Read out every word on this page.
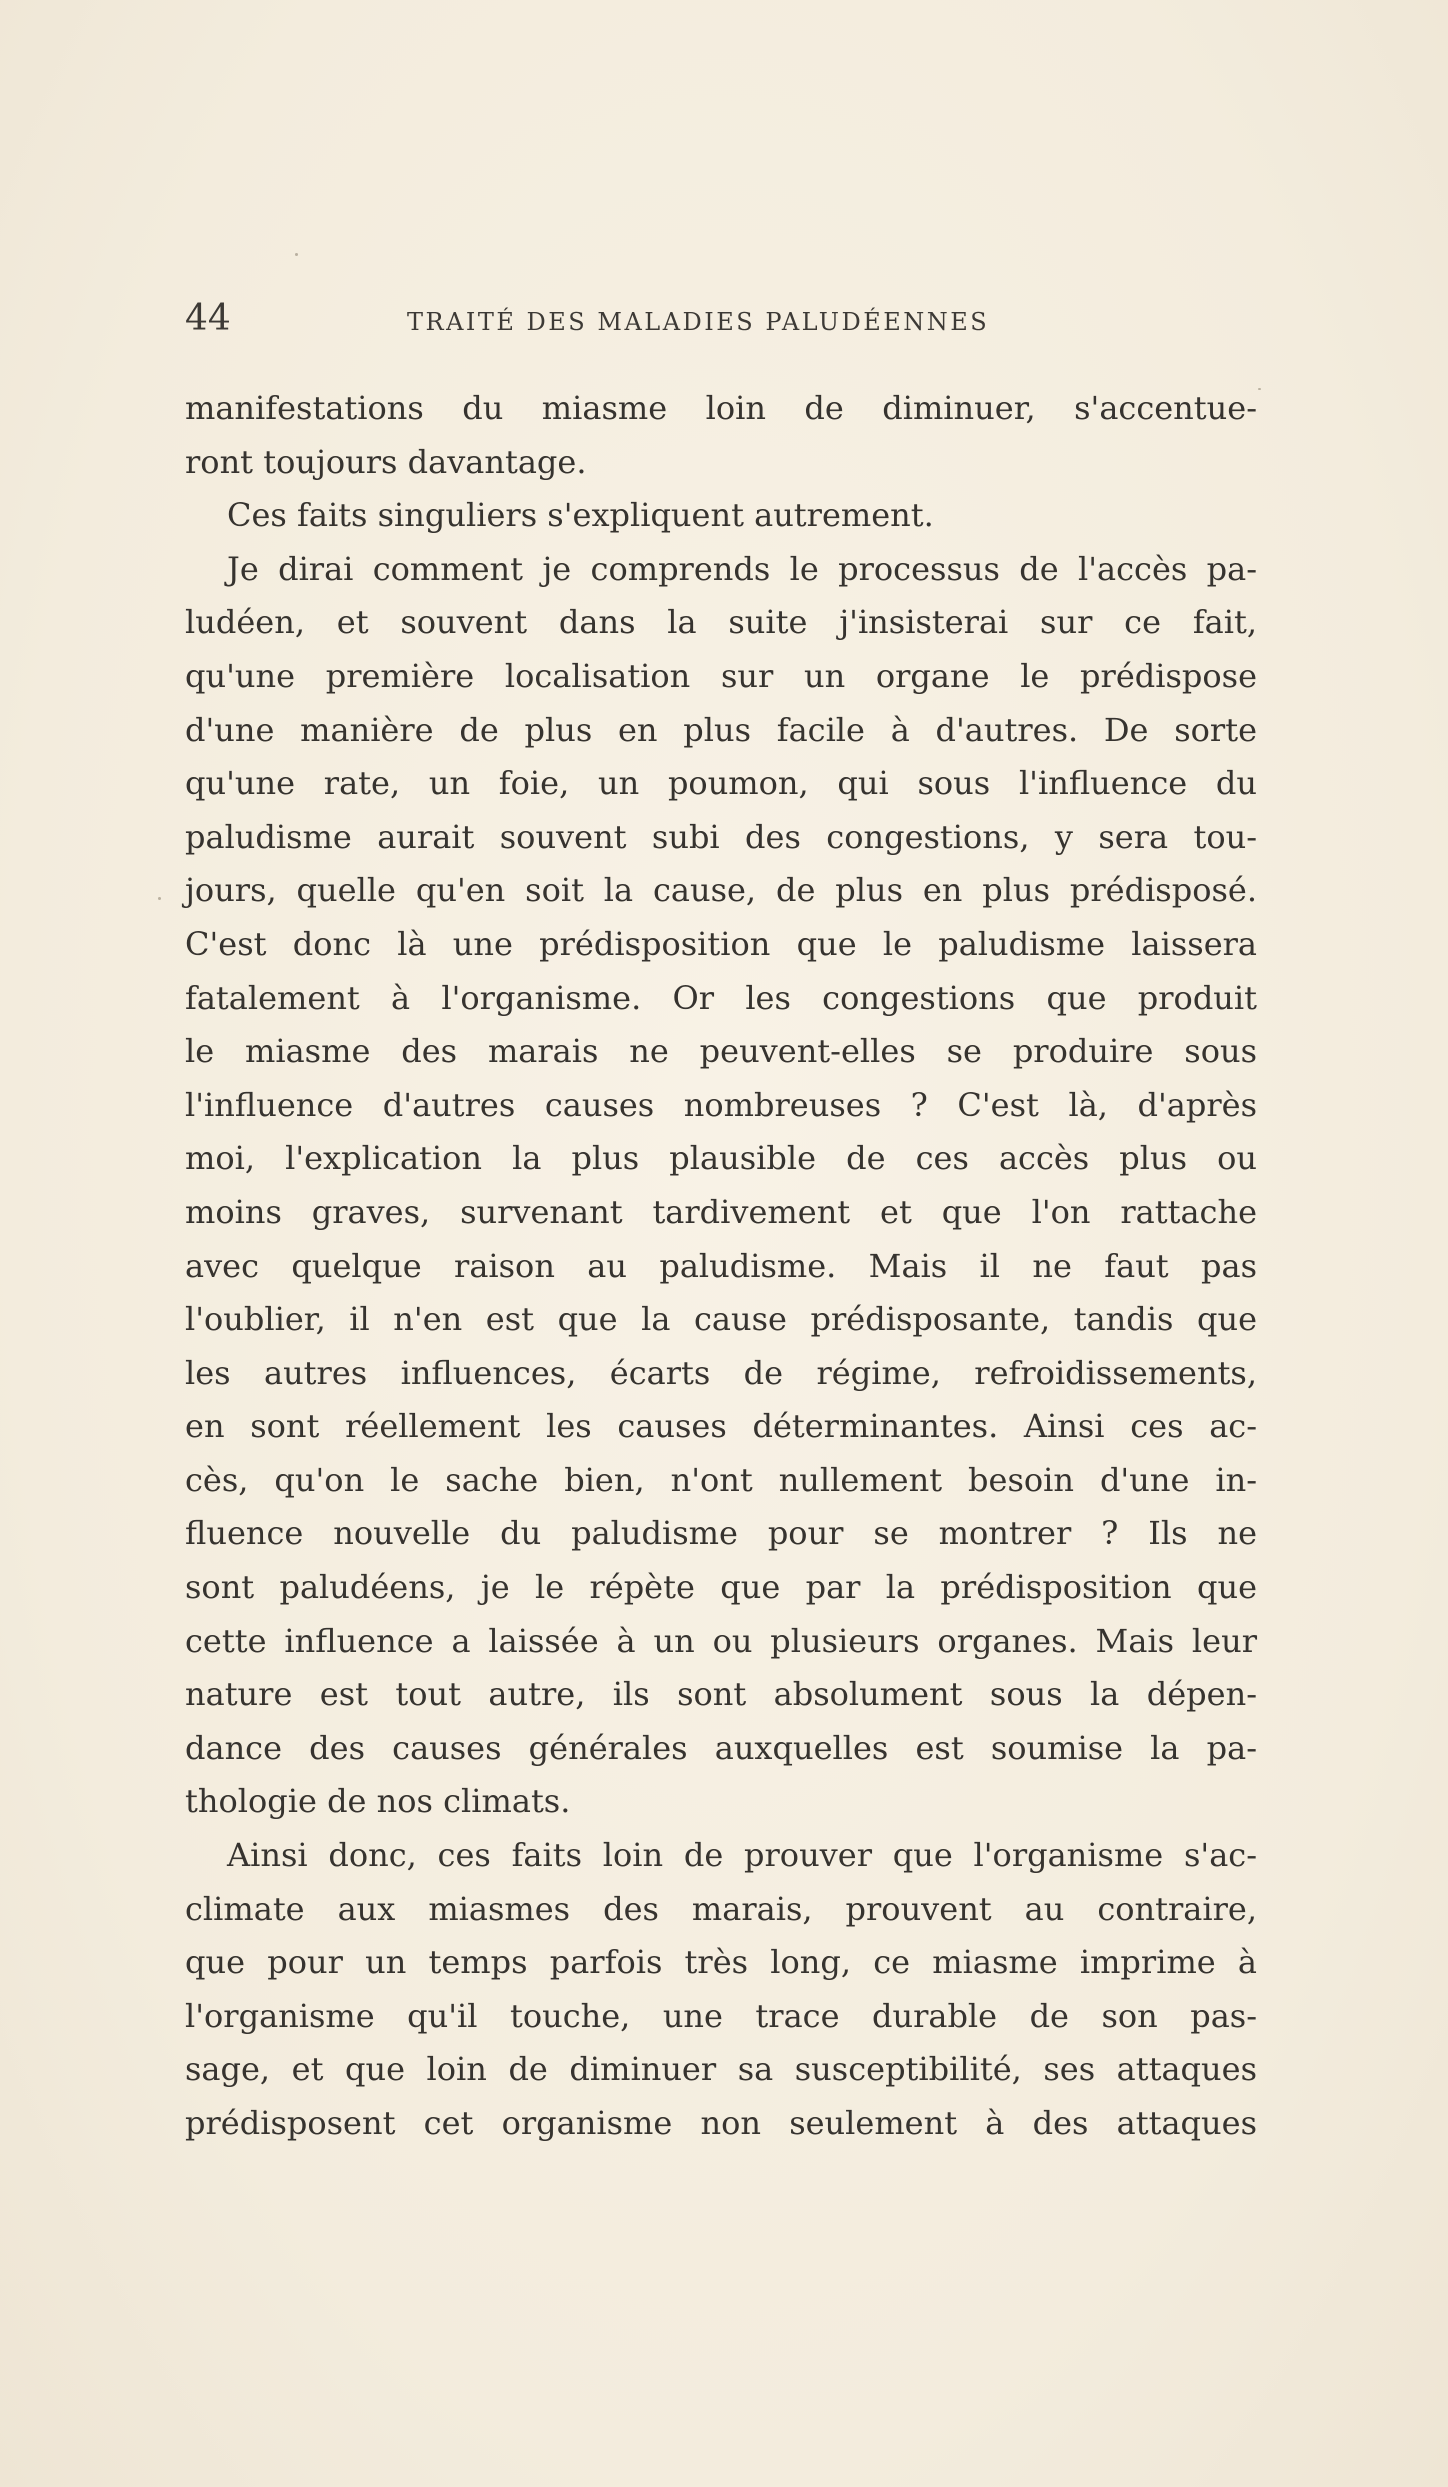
44	TRAITÉ DES MALADIES PALUDÉENNES
manifestations du miasme loin de diminuer, s'accentue-
ront toujours davantage.
Ces faits singuliers s'expliquent autrement.
Je dirai comment je comprends le processus de l'accès pa-
ludéen, et souvent dans la suite j'insisterai sur ce fait,
qu'une première localisation sur un organe le prédispose
d'une manière de plus en plus facile à d'autres. De sorte
qu'une rate, un foie, un poumon, qui sous l'influence du
paludisme aurait souvent subi des congestions, y sera tou-
jours, quelle qu'en soit la cause, de plus en plus prédisposé.
C'est donc là une prédisposition que le paludisme laissera
fatalement à l'organisme. Or les congestions que produit
le miasme des marais ne peuvent-elles se produire sous
l'influence d'autres causes nombreuses ? C'est là, d'après
moi, l'explication la plus plausible de ces accès plus ou
moins graves, survenant tardivement et que l'on rattache
avec quelque raison au paludisme. Mais il ne faut pas
l'oublier, il n'en est que la cause prédisposante, tandis que
les autres influences, écarts de régime, refroidissements,
en sont réellement les causes déterminantes. Ainsi ces ac-
cès, qu'on le sache bien, n'ont nullement besoin d'une in-
fluence nouvelle du paludisme pour se montrer ? Ils ne
sont paludéens, je le répète que par la prédisposition que
cette influence a laissée à un ou plusieurs organes. Mais leur
nature est tout autre, ils sont absolument sous la dépen-
dance des causes générales auxquelles est soumise la pa-
thologie de nos climats.
Ainsi donc, ces faits loin de prouver que l'organisme s'ac-
climate aux miasmes des marais, prouvent au contraire,
que pour un temps parfois très long, ce miasme imprime à
l'organisme qu'il touche, une trace durable de son pas-
sage, et que loin de diminuer sa susceptibilité, ses attaques
prédisposent cet organisme non seulement à des attaques
